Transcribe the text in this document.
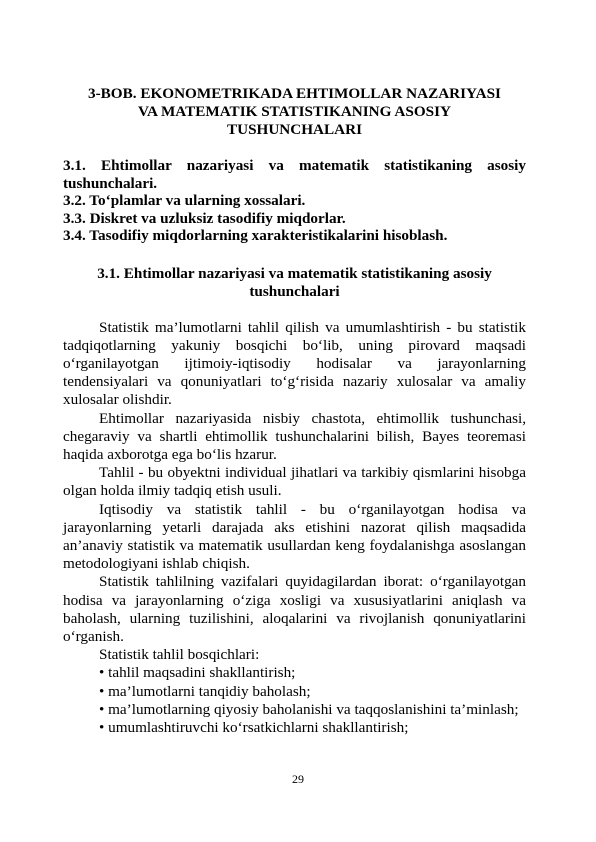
3-BOB. EKONOMETRIKADA EHTIMOLLAR NAZARIYASI
VA MATEMATIK STATISTIKANING ASOSIY
TUSHUNCHALARI
3.1. Ehtimollar nazariyasi va matematik statistikaning asosiy tushunchalari.
3.2. To‘plamlar va ularning xossalari.
3.3. Diskret va uzluksiz tasodifiy miqdorlar.
3.4. Tasodifiy miqdorlarning xarakteristikalarini hisoblash.
3.1. Ehtimollar nazariyasi va matematik statistikaning asosiy
tushunchalari

Statistik ma’lumotlarni tahlil qilish va umumlashtirish - bu statistik tadqiqotlarning yakuniy bosqichi bo‘lib, uning pirovard maqsadi o‘rganilayotgan ijtimoiy-iqtisodiy hodisalar va jarayonlarning tendensiyalari va qonuniyatlari to‘g‘risida nazariy xulosalar va amaliy xulosalar olishdir.

Ehtimollar nazariyasida nisbiy chastota, ehtimollik tushunchasi, chegaraviy va shartli ehtimollik tushunchalarini bilish, Bayes teoremasi haqida axborotga ega bo‘lis hzarur.

Tahlil - bu obyektni individual jihatlari va tarkibiy qismlarini hisobga olgan holda ilmiy tadqiq etish usuli.

Iqtisodiy va statistik tahlil - bu o‘rganilayotgan hodisa va jarayonlarning yetarli darajada aks etishini nazorat qilish maqsadida an’anaviy statistik va matematik usullardan keng foydalanishga asoslangan metodologiyani ishlab chiqish.

Statistik tahlilning vazifalari quyidagilardan iborat: o‘rganilayotgan hodisa va jarayonlarning o‘ziga xosligi va xususiyatlarini aniqlash va baholash, ularning tuzilishini, aloqalarini va rivojlanish qonuniyatlarini o‘rganish.

Statistik tahlil bosqichlari:

• tahlil maqsadini shakllantirish;

• ma’lumotlarni tanqidiy baholash;

• ma’lumotlarning qiyosiy baholanishi va taqqoslanishini ta’minlash;

• umumlashtiruvchi ko‘rsatkichlarni shakllantirish;

29
